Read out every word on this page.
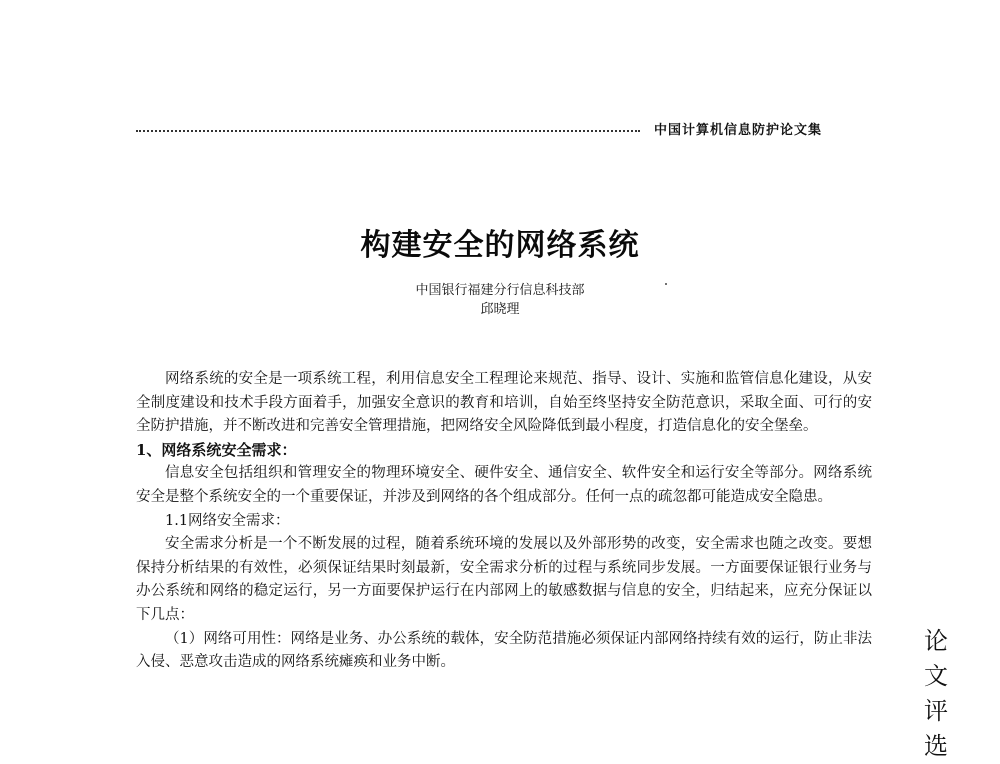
中国计算机信息防护论文集
构建安全的网络系统
中国银行福建分行信息科技部
邱晓理

网络系统的安全是一项系统工程，利用信息安全工程理论来规范、指导、设计、实施和监管信息化建设，从安全制度建设和技术手段方面着手，加强安全意识的教育和培训，自始至终坚持安全防范意识，采取全面、可行的安全防护措施，并不断改进和完善安全管理措施，把网络安全风险降低到最小程度，打造信息化的安全堡垒。

1、网络系统安全需求：

信息安全包括组织和管理安全的物理环境安全、硬件安全、通信安全、软件安全和运行安全等部分。网络系统安全是整个系统安全的一个重要保证，并涉及到网络的各个组成部分。任何一点的疏忽都可能造成安全隐患。

1.1网络安全需求：

安全需求分析是一个不断发展的过程，随着系统环境的发展以及外部形势的改变，安全需求也随之改变。要想保持分析结果的有效性，必须保证结果时刻最新，安全需求分析的过程与系统同步发展。一方面要保证银行业务与办公系统和网络的稳定运行，另一方面要保护运行在内部网上的敏感数据与信息的安全，归结起来，应充分保证以下几点：

（1）网络可用性：网络是业务、办公系统的载体，安全防范措施必须保证内部网络持续有效的运行，防止非法入侵、恶意攻击造成的网络系统瘫痪和业务中断。

论
文
评
选
